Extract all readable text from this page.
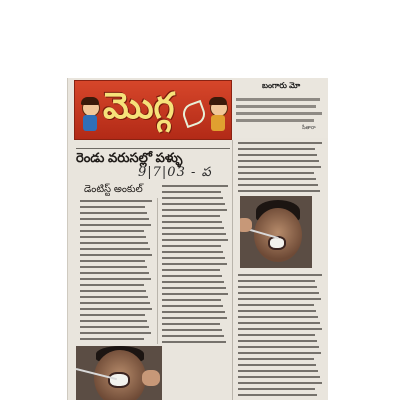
మొగ్గ	బంగారు మో
సీతారా
రెండు వరుసల్లో పళ్ళు
9|7|03 - ప
డెంటిస్ట్ అంకుల్
